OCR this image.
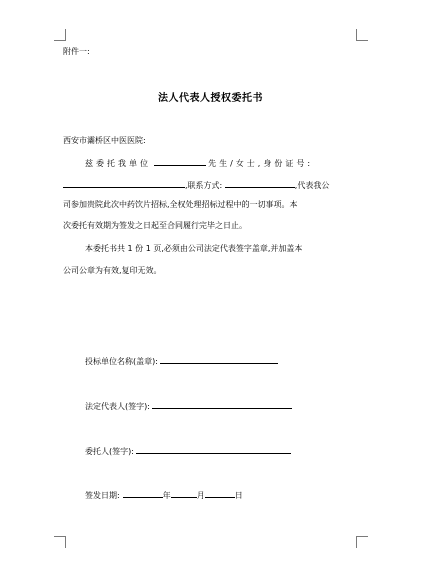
附件一:
法人代表人授权委托书
西安市灞桥区中医医院:
兹委托我单位	先生/女士,身份证号:
,联系方式:	,代表我公
司参加贵院此次中药饮片招标,全权处理招标过程中的一切事项。本
次委托有效期为签发之日起至合同履行完毕之日止。
本委托书共 1 份 1 页,必须由公司法定代表签字盖章,并加盖本
公司公章为有效,复印无效。
投标单位名称(盖章):
法定代表人(签字):
委托人(签字):
签发日期:	年	月	日
